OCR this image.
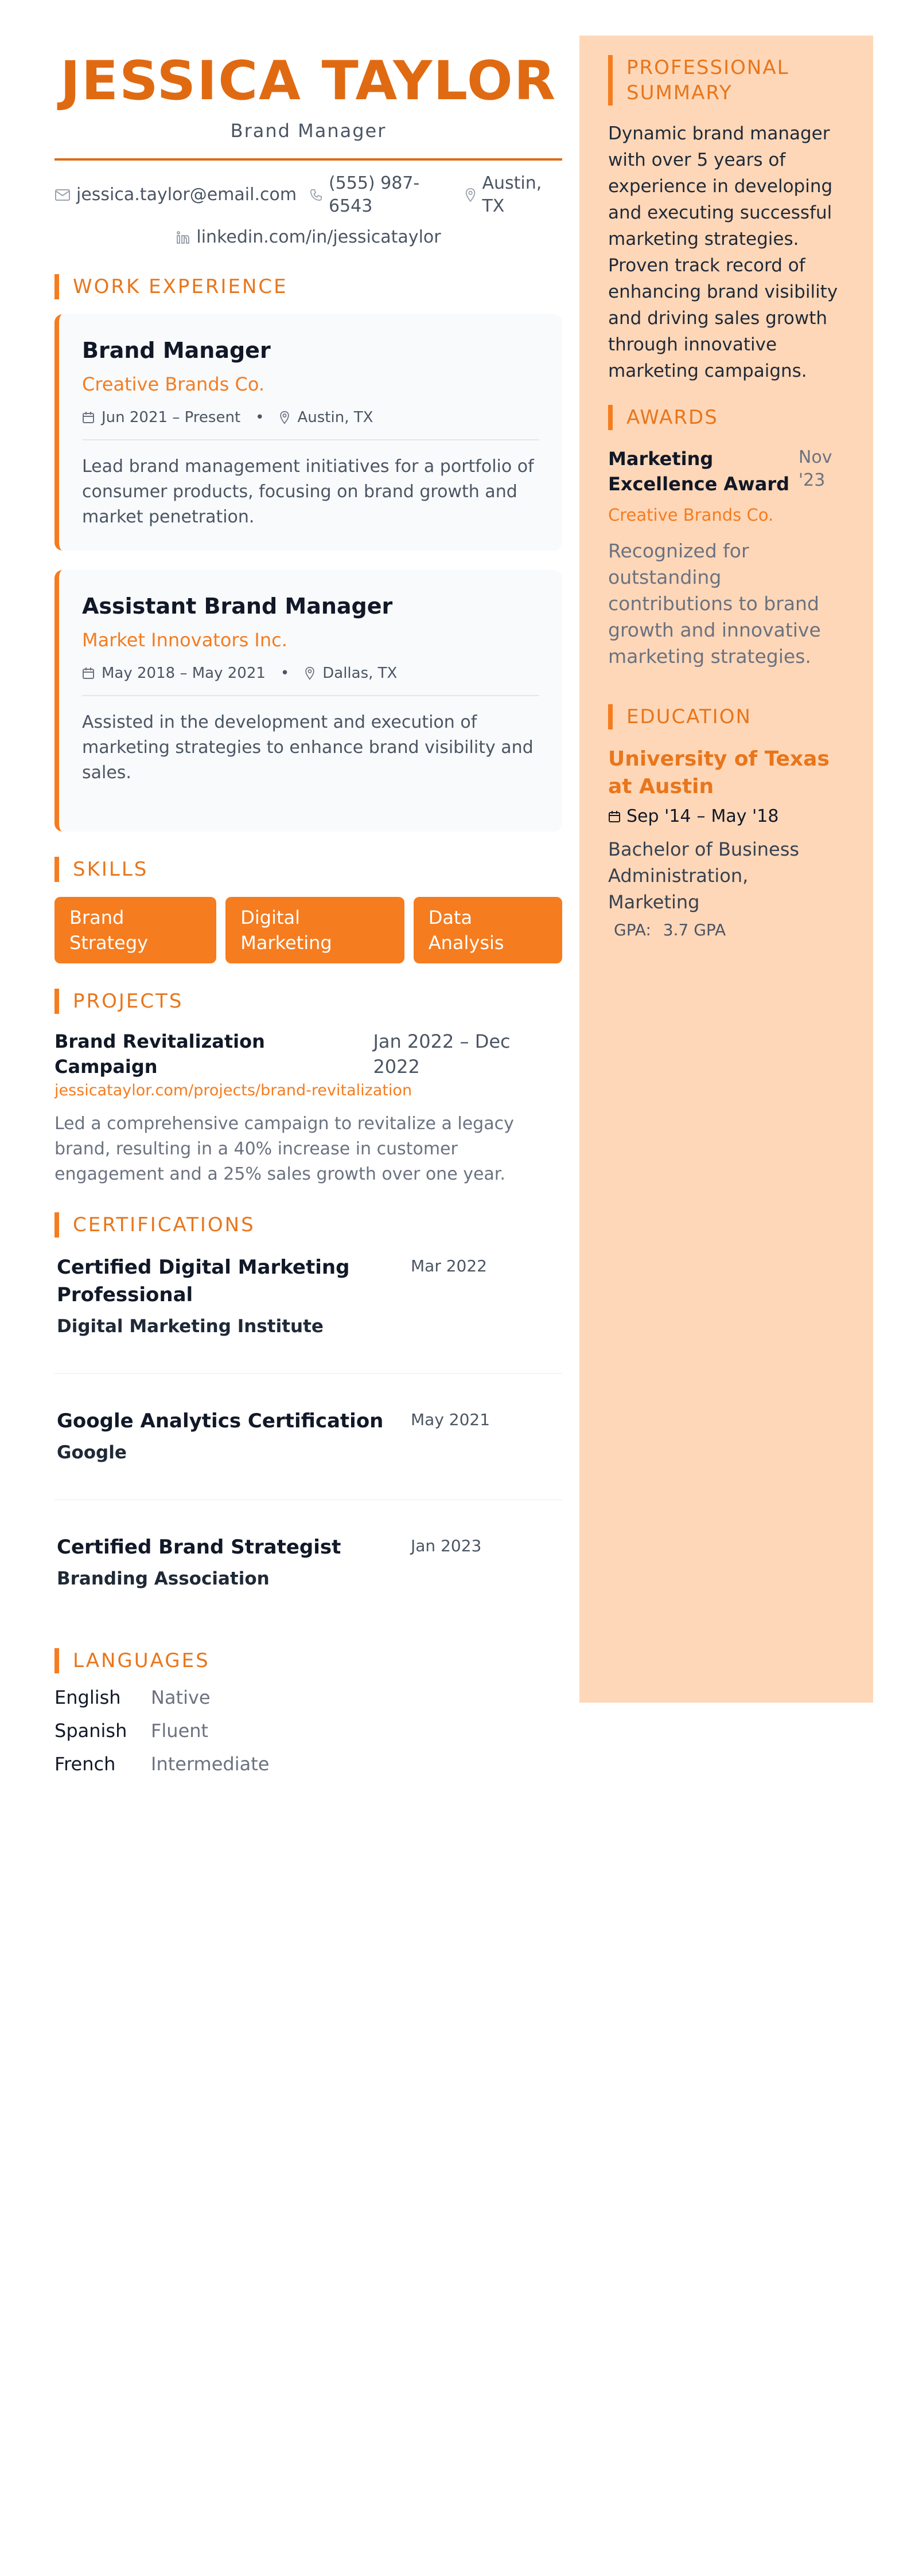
JESSICA TAYLOR
Brand Manager
jessica.taylor@email.com
(555) 987-6543
Austin, TX
linkedin.com/in/jessicataylor
WORK EXPERIENCE
Brand Manager
Creative Brands Co.
Jun 2021 – Present • Austin, TX
Lead brand management initiatives for a portfolio of consumer products, focusing on brand growth and market penetration.
Assistant Brand Manager
Market Innovators Inc.
May 2018 – May 2021 • Dallas, TX
Assisted in the development and execution of marketing strategies to enhance brand visibility and sales.
SKILLS
Brand Strategy
Digital Marketing
Data Analysis
PROJECTS
Brand Revitalization Campaign
Jan 2022 – Dec 2022
jessicataylor.com/projects/brand-revitalization
Led a comprehensive campaign to revitalize a legacy brand, resulting in a 40% increase in customer engagement and a 25% sales growth over one year.
CERTIFICATIONS
Certified Digital Marketing Professional
Digital Marketing Institute
Mar 2022
Google Analytics Certification
Google
May 2021
Certified Brand Strategist
Branding Association
Jan 2023
LANGUAGES
English	Native
Spanish	Fluent
French	Intermediate
PROFESSIONAL SUMMARY
Dynamic brand manager with over 5 years of experience in developing and executing successful marketing strategies. Proven track record of enhancing brand visibility and driving sales growth through innovative marketing campaigns.
AWARDS
Marketing Excellence Award
Nov '23
Creative Brands Co.
Recognized for outstanding contributions to brand growth and innovative marketing strategies.
EDUCATION
University of Texas at Austin
Sep '14 – May '18
Bachelor of Business Administration, Marketing
GPA: 3.7 GPA
